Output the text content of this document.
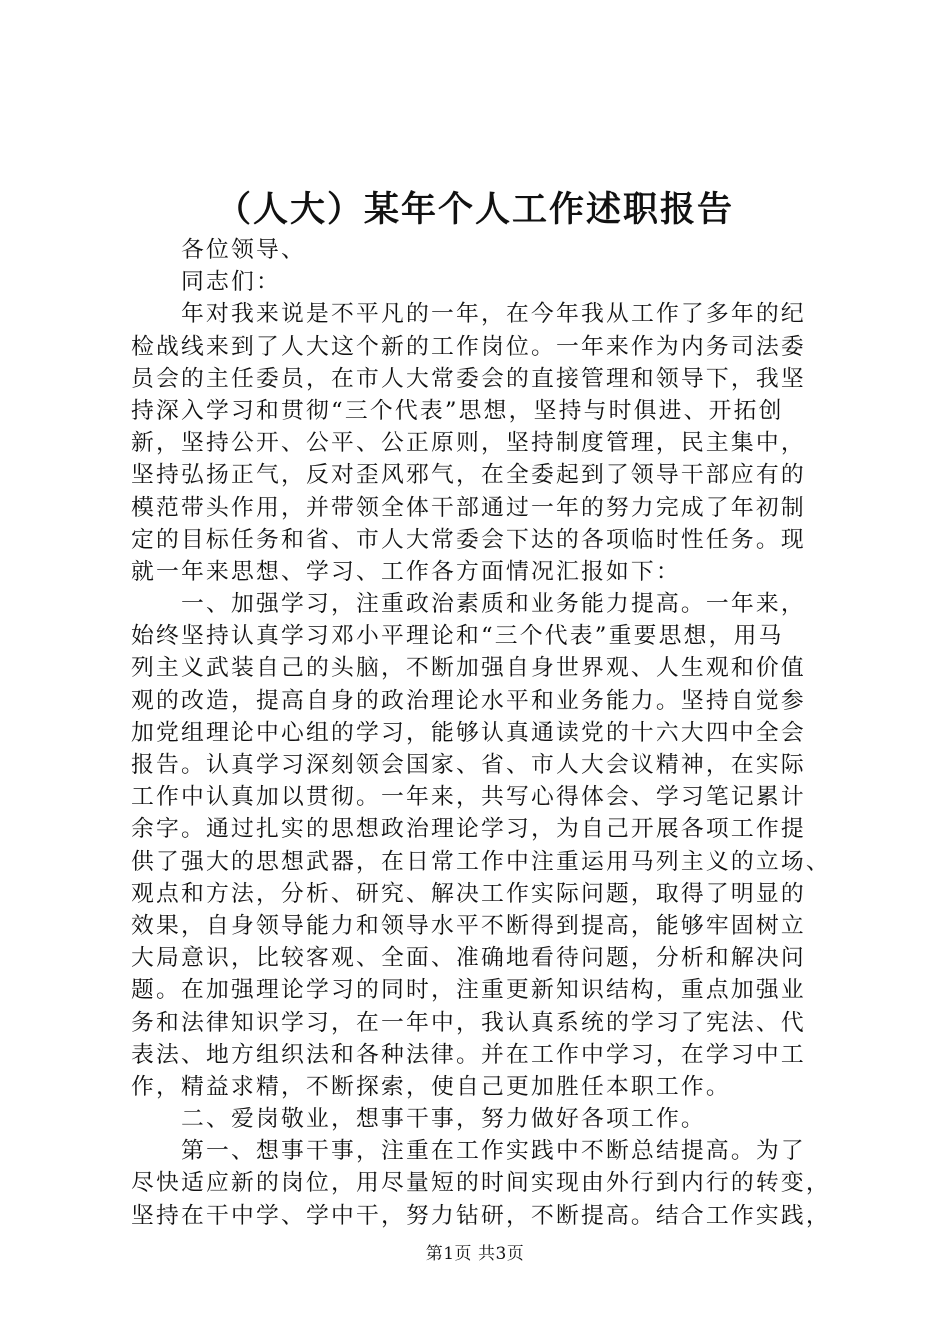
（人大）某年个人工作述职报告
各位领导、
同志们：
年对我来说是不平凡的一年，在今年我从工作了多年的纪
检战线来到了人大这个新的工作岗位。一年来作为内务司法委
员会的主任委员，在市人大常委会的直接管理和领导下，我坚
持深入学习和贯彻“三个代表”思想，坚持与时俱进、开拓创
新，坚持公开、公平、公正原则，坚持制度管理，民主集中，
坚持弘扬正气，反对歪风邪气，在全委起到了领导干部应有的
模范带头作用，并带领全体干部通过一年的努力完成了年初制
定的目标任务和省、市人大常委会下达的各项临时性任务。现
就一年来思想、学习、工作各方面情况汇报如下：
一、加强学习，注重政治素质和业务能力提高。一年来，
始终坚持认真学习邓小平理论和“三个代表”重要思想，用马
列主义武装自己的头脑，不断加强自身世界观、人生观和价值
观的改造，提高自身的政治理论水平和业务能力。坚持自觉参
加党组理论中心组的学习，能够认真通读党的十六大四中全会
报告。认真学习深刻领会国家、省、市人大会议精神，在实际
工作中认真加以贯彻。一年来，共写心得体会、学习笔记累计
余字。通过扎实的思想政治理论学习，为自己开展各项工作提
供了强大的思想武器，在日常工作中注重运用马列主义的立场、
观点和方法，分析、研究、解决工作实际问题，取得了明显的
效果，自身领导能力和领导水平不断得到提高，能够牢固树立
大局意识，比较客观、全面、准确地看待问题，分析和解决问
题。在加强理论学习的同时，注重更新知识结构，重点加强业
务和法律知识学习，在一年中，我认真系统的学习了宪法、代
表法、地方组织法和各种法律。并在工作中学习，在学习中工
作，精益求精，不断探索，使自己更加胜任本职工作。
二、爱岗敬业，想事干事，努力做好各项工作。
第一、想事干事，注重在工作实践中不断总结提高。为了
尽快适应新的岗位，用尽量短的时间实现由外行到内行的转变，
坚持在干中学、学中干，努力钻研，不断提高。结合工作实践，
第1页 共3页
